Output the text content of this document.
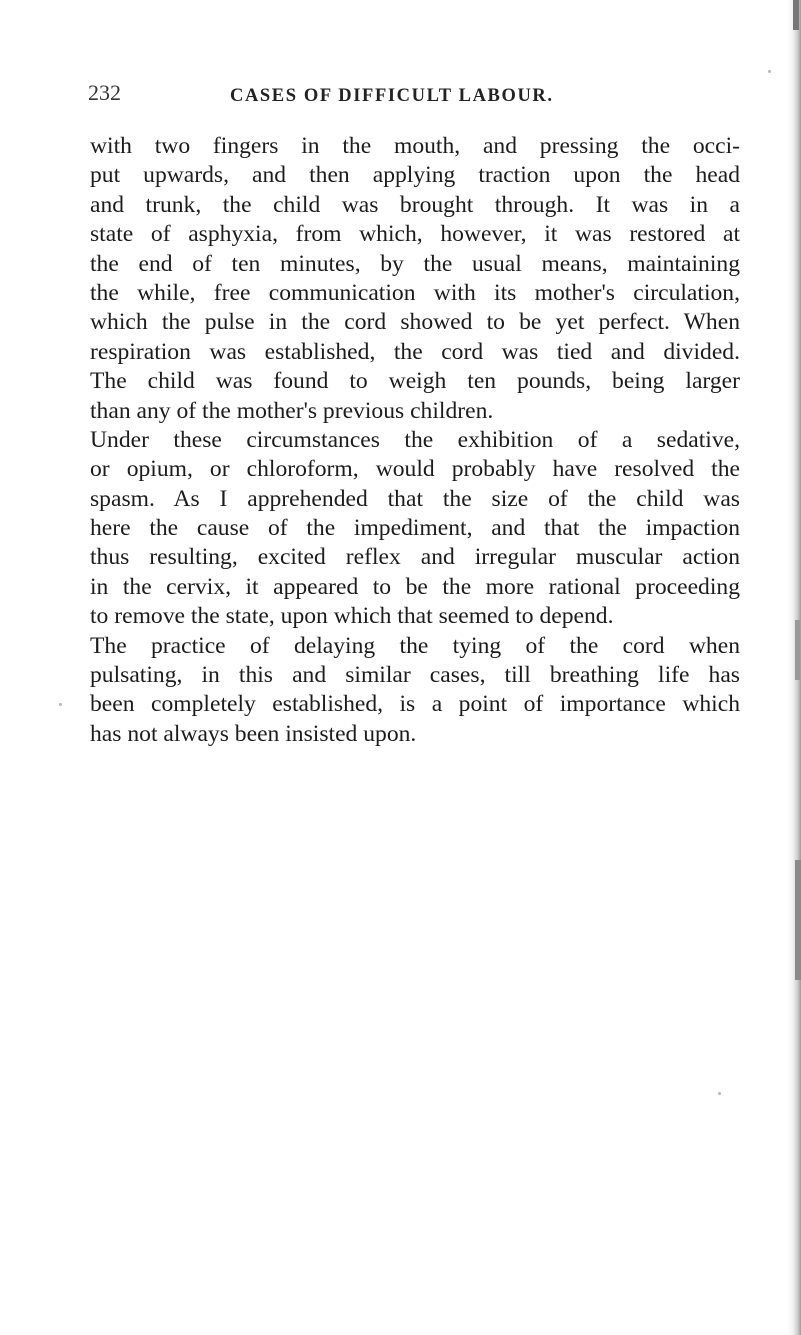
232	CASES OF DIFFICULT LABOUR.
with two fingers in the mouth, and pressing the occi-
put upwards, and then applying traction upon the head
and trunk, the child was brought through. It was in a
state of asphyxia, from which, however, it was restored at
the end of ten minutes, by the usual means, maintaining
the while, free communication with its mother's circulation,
which the pulse in the cord showed to be yet perfect. When
respiration was established, the cord was tied and divided.
The child was found to weigh ten pounds, being larger
than any of the mother's previous children.
Under these circumstances the exhibition of a sedative,
or opium, or chloroform, would probably have resolved the
spasm. As I apprehended that the size of the child was
here the cause of the impediment, and that the impaction
thus resulting, excited reflex and irregular muscular action
in the cervix, it appeared to be the more rational proceeding
to remove the state, upon which that seemed to depend.
The practice of delaying the tying of the cord when
pulsating, in this and similar cases, till breathing life has
been completely established, is a point of importance which
has not always been insisted upon.
